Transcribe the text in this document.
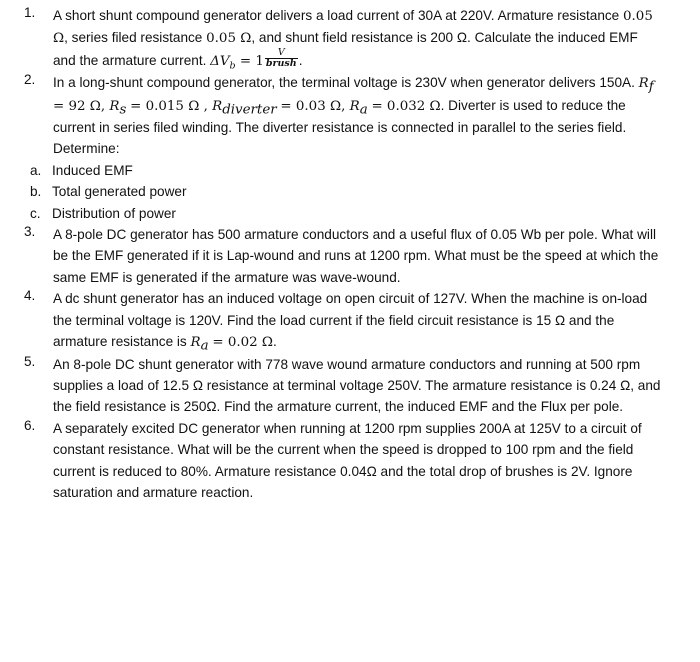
1.	A short shunt compound generator delivers a load current of 30A at 220V. Armature resistance 0.05 Ω, series filed resistance 0.05 Ω, and shunt field resistance is 200 Ω. Calculate the induced EMF and the armature current. $\Delta V_b = 1 \frac{V}{\text{brush}}$ .
2.	In a long-shunt compound generator, the terminal voltage is 230V when generator delivers 150A. $R_f = 92$ Ω, $R_s = 0.015$ Ω , $R_{diverter} = 0.03$ Ω, $R_a = 0.032$ Ω. Diverter is used to reduce the current in series filed winding. The diverter resistance is connected in parallel to the series field. Determine:
a. Induced EMF
b. Total generated power
c. Distribution of power
3.	A 8-pole DC generator has 500 armature conductors and a useful flux of 0.05 Wb per pole. What will be the EMF generated if it is Lap-wound and runs at 1200 rpm. What must be the speed at which the same EMF is generated if the armature was wave-wound.
4.	A dc shunt generator has an induced voltage on open circuit of 127V. When the machine is on-load the terminal voltage is 120V. Find the load current if the field circuit resistance is 15 Ω and the armature resistance is $R_a = 0.02$ Ω.
5.	An 8-pole DC shunt generator with 778 wave wound armature conductors and running at 500 rpm supplies a load of 12.5 Ω resistance at terminal voltage 250V. The armature resistance is 0.24 Ω, and the field resistance is 250Ω. Find the armature current, the induced EMF and the Flux per pole.
6.	A separately excited DC generator when running at 1200 rpm supplies 200A at 125V to a circuit of constant resistance. What will be the current when the speed is dropped to 100 rpm and the field current is reduced to 80%. Armature resistance 0.04Ω and the total drop of brushes is 2V. Ignore saturation and armature reaction.
